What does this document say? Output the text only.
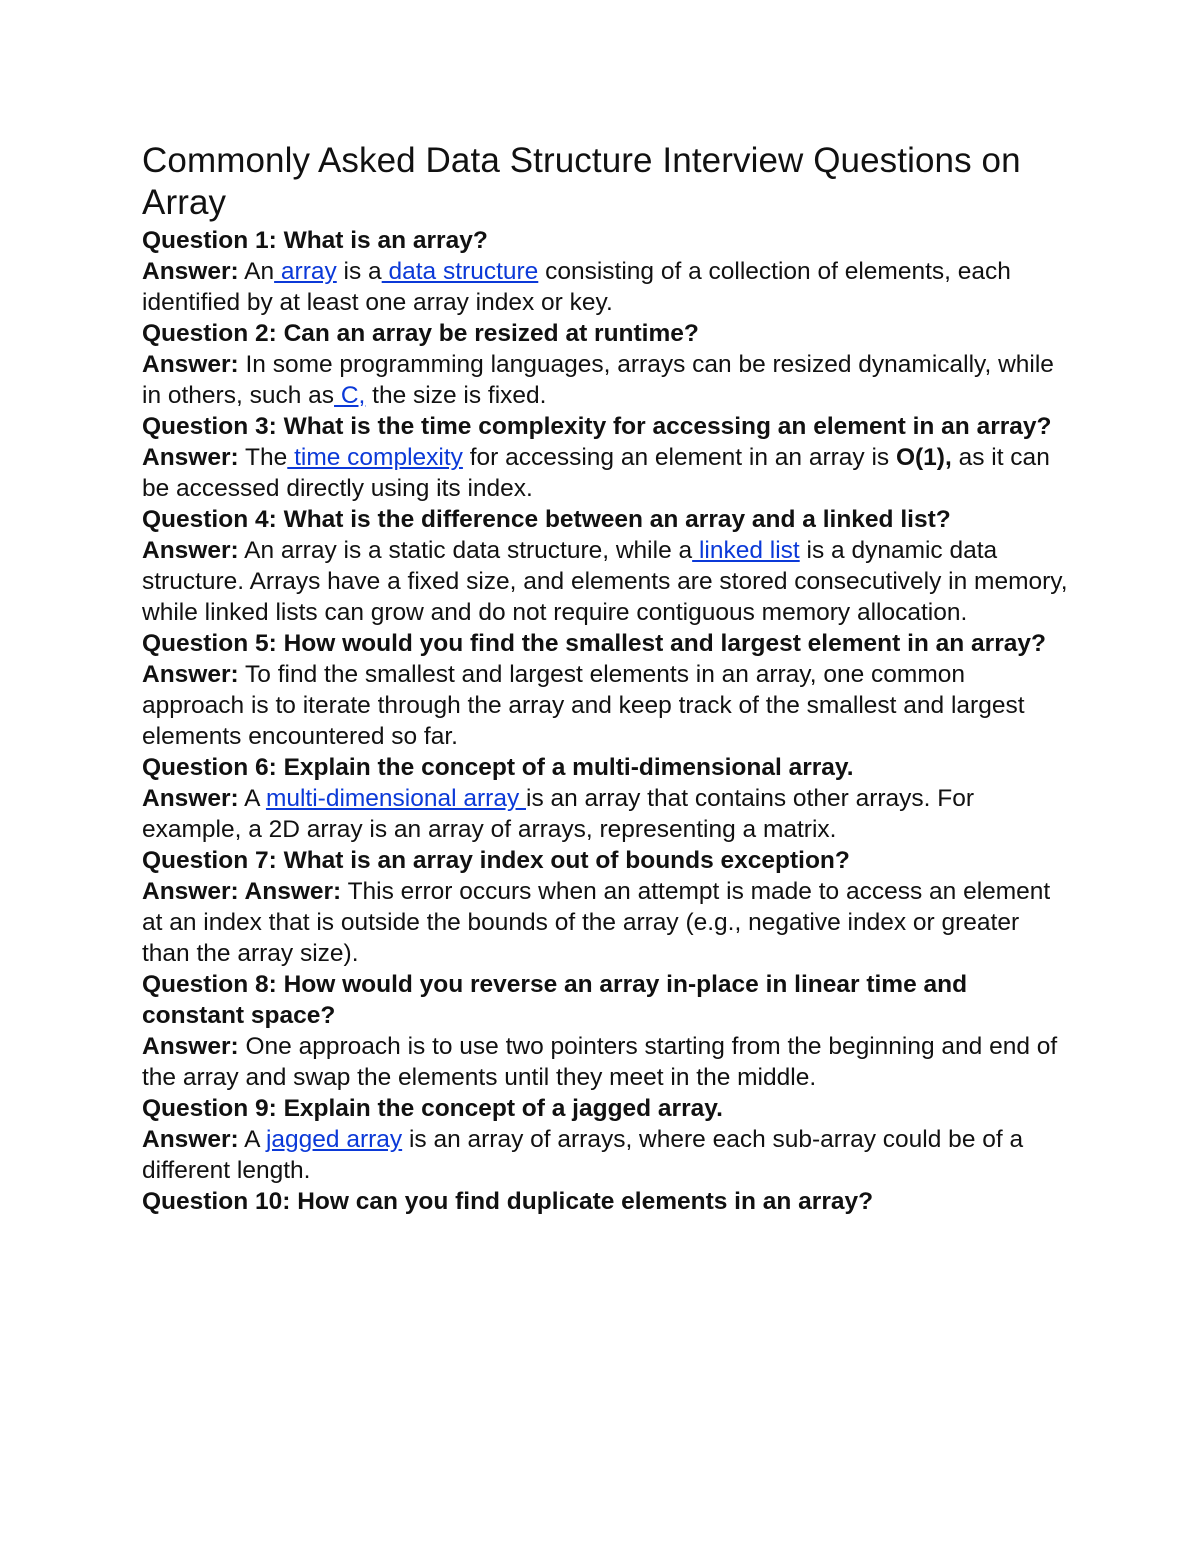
Commonly Asked Data Structure Interview Questions on Array

Question 1: What is an array?

Answer: An array is a data structure consisting of a collection of elements, each identified by at least one array index or key.

Question 2: Can an array be resized at runtime?

Answer: In some programming languages, arrays can be resized dynamically, while in others, such as C, the size is fixed.

Question 3: What is the time complexity for accessing an element in an array?

Answer: The time complexity for accessing an element in an array is O(1), as it can be accessed directly using its index.

Question 4: What is the difference between an array and a linked list?

Answer: An array is a static data structure, while a linked list is a dynamic data structure. Arrays have a fixed size, and elements are stored consecutively in memory, while linked lists can grow and do not require contiguous memory allocation.

Question 5: How would you find the smallest and largest element in an array?

Answer: To find the smallest and largest elements in an array, one common approach is to iterate through the array and keep track of the smallest and largest elements encountered so far.

Question 6: Explain the concept of a multi-dimensional array.

Answer: A multi-dimensional array is an array that contains other arrays. For example, a 2D array is an array of arrays, representing a matrix.

Question 7: What is an array index out of bounds exception?

Answer: Answer: This error occurs when an attempt is made to access an element at an index that is outside the bounds of the array (e.g., negative index or greater than the array size).

Question 8: How would you reverse an array in-place in linear time and constant space?

Answer: One approach is to use two pointers starting from the beginning and end of the array and swap the elements until they meet in the middle.

Question 9: Explain the concept of a jagged array.

Answer: A jagged array is an array of arrays, where each sub-array could be of a different length.

Question 10: How can you find duplicate elements in an array?
